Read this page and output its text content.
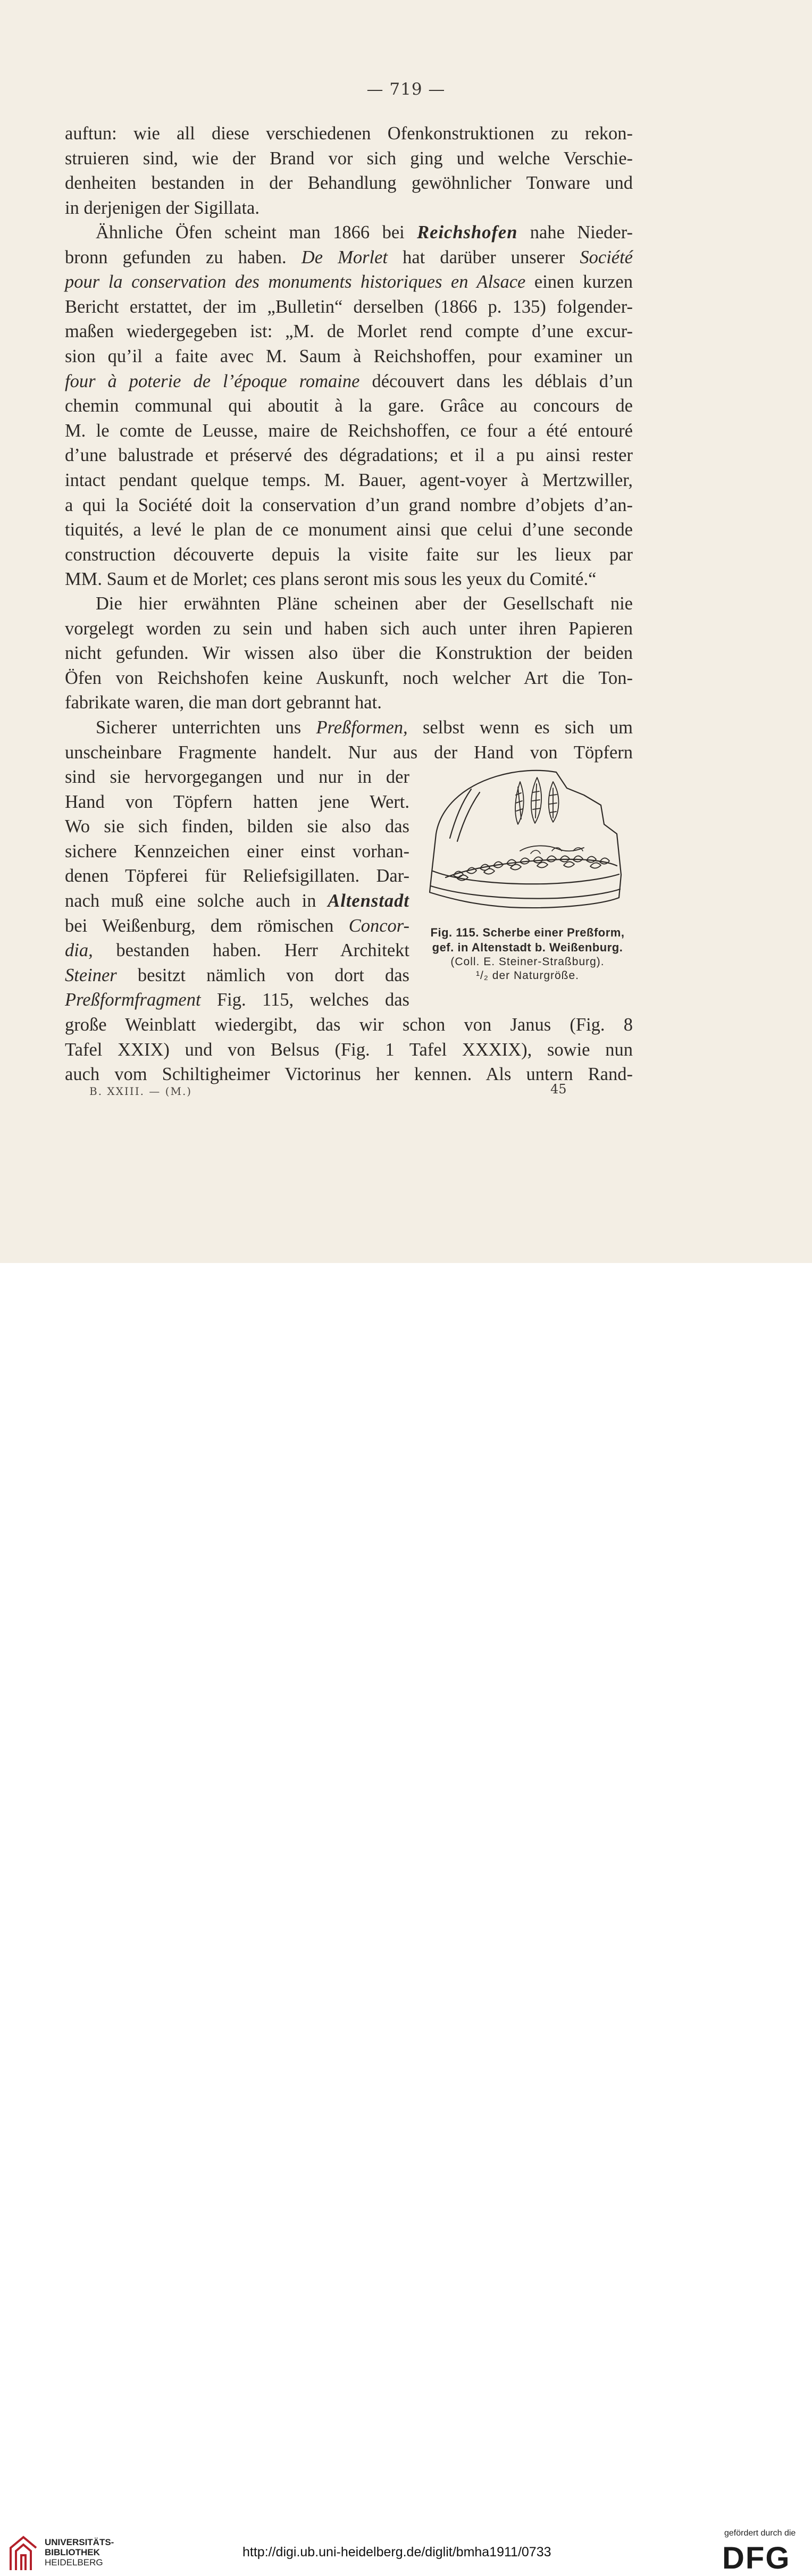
— 719 —
auftun: wie all diese verschiedenen Ofenkonstruktionen zu rekon-
struieren sind, wie der Brand vor sich ging und welche Verschie-
denheiten bestanden in der Behandlung gewöhnlicher Tonware und
in derjenigen der Sigillata.
Ähnliche Öfen scheint man 1866 bei Reichshofen nahe Nieder-
bronn gefunden zu haben. De Morlet hat darüber unserer Société
pour la conservation des monuments historiques en Alsace einen kurzen
Bericht erstattet, der im „Bulletin“ derselben (1866 p. 135) folgender-
maßen wiedergegeben ist: „M. de Morlet rend compte d’une excur-
sion qu’il a faite avec M. Saum à Reichshoffen, pour examiner un
four à poterie de l’époque romaine découvert dans les déblais d’un
chemin communal qui aboutit à la gare. Grâce au concours de
M. le comte de Leusse, maire de Reichshoffen, ce four a été entouré
d’une balustrade et préservé des dégradations; et il a pu ainsi rester
intact pendant quelque temps. M. Bauer, agent-voyer à Mertzwiller,
a qui la Société doit la conservation d’un grand nombre d’objets d’an-
tiquités, a levé le plan de ce monument ainsi que celui d’une seconde
construction découverte depuis la visite faite sur les lieux par
MM. Saum et de Morlet; ces plans seront mis sous les yeux du Comité.“
Die hier erwähnten Pläne scheinen aber der Gesellschaft nie
vorgelegt worden zu sein und haben sich auch unter ihren Papieren
nicht gefunden. Wir wissen also über die Konstruktion der beiden
Öfen von Reichshofen keine Auskunft, noch welcher Art die Ton-
fabrikate waren, die man dort gebrannt hat.
Sicherer unterrichten uns Preßformen, selbst wenn es sich um
unscheinbare Fragmente handelt. Nur aus der Hand von Töpfern
sind sie hervorgegangen und nur in der
Hand von Töpfern hatten jene Wert.
Wo sie sich finden, bilden sie also das
sichere Kennzeichen einer einst vorhan-
denen Töpferei für Reliefsigillaten. Dar-
nach muß eine solche auch in Altenstadt
bei Weißenburg, dem römischen Concor-
dia, bestanden haben. Herr Architekt
Steiner besitzt nämlich von dort das
Preßformfragment Fig. 115, welches das
große Weinblatt wiedergibt, das wir schon von Janus (Fig. 8
Tafel XXIX) und von Belsus (Fig. 1 Tafel XXXIX), sowie nun
auch vom Schiltigheimer Victorinus her kennen. Als untern Rand-
Fig. 115. Scherbe einer Preßform,
gef. in Altenstadt b. Weißenburg.
(Coll. E. Steiner-Straßburg).
¹/₂ der Naturgröße.
B. XXIII. — (M.)	45
UNIVERSITÄTS-
BIBLIOTHEK
HEIDELBERG
http://digi.ub.uni-heidelberg.de/diglit/bmha1911/0733
gefördert durch die
DFG
